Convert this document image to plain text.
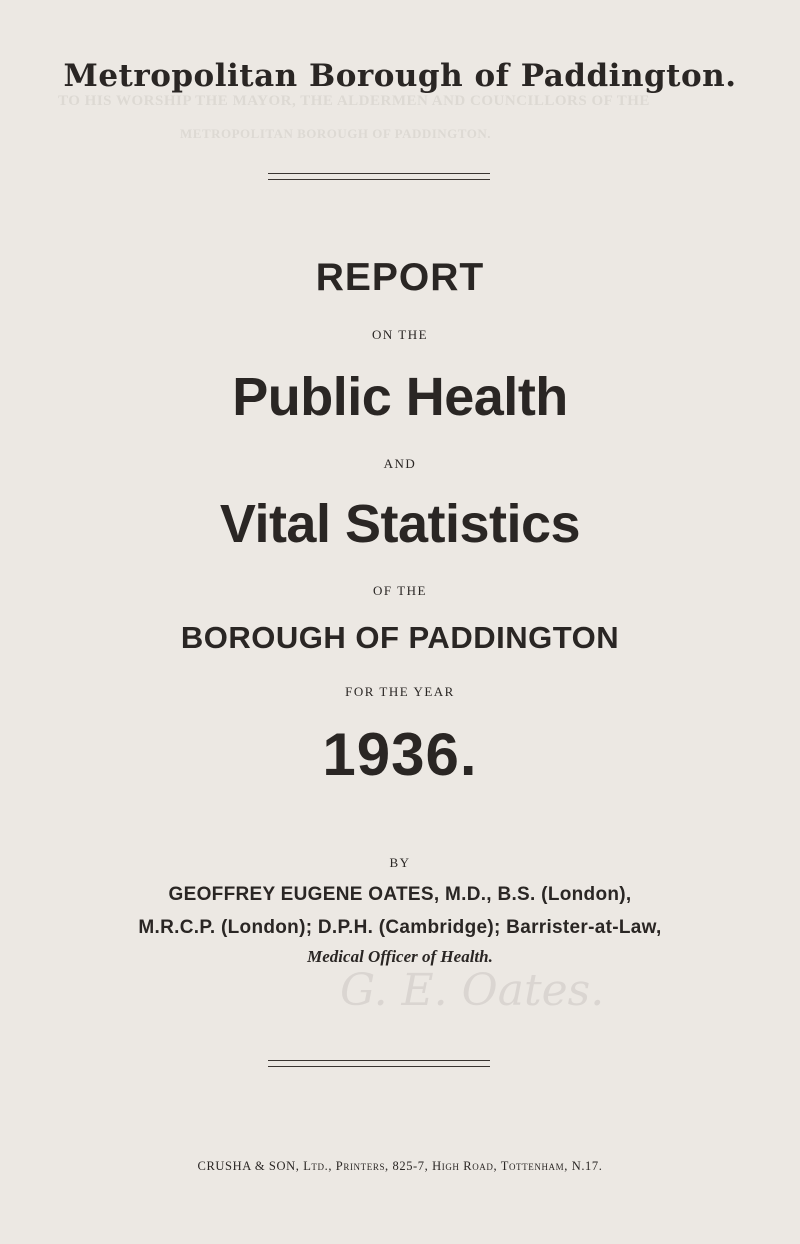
TO HIS WORSHIP THE MAYOR, THE ALDERMEN AND COUNCILLORS OF THE
METROPOLITAN BOROUGH OF PADDINGTON.
G. E. Oates.
Metropolitan Borough of Paddington.
REPORT
ON THE
Public Health
AND
Vital Statistics
OF THE
BOROUGH OF PADDINGTON
FOR THE YEAR
1936.
BY
GEOFFREY EUGENE OATES, M.D., B.S. (London),
M.R.C.P. (London); D.P.H. (Cambridge); Barrister-at-Law,
Medical Officer of Health.
CRUSHA & SON, Ltd., Printers, 825-7, High Road, Tottenham, N.17.
